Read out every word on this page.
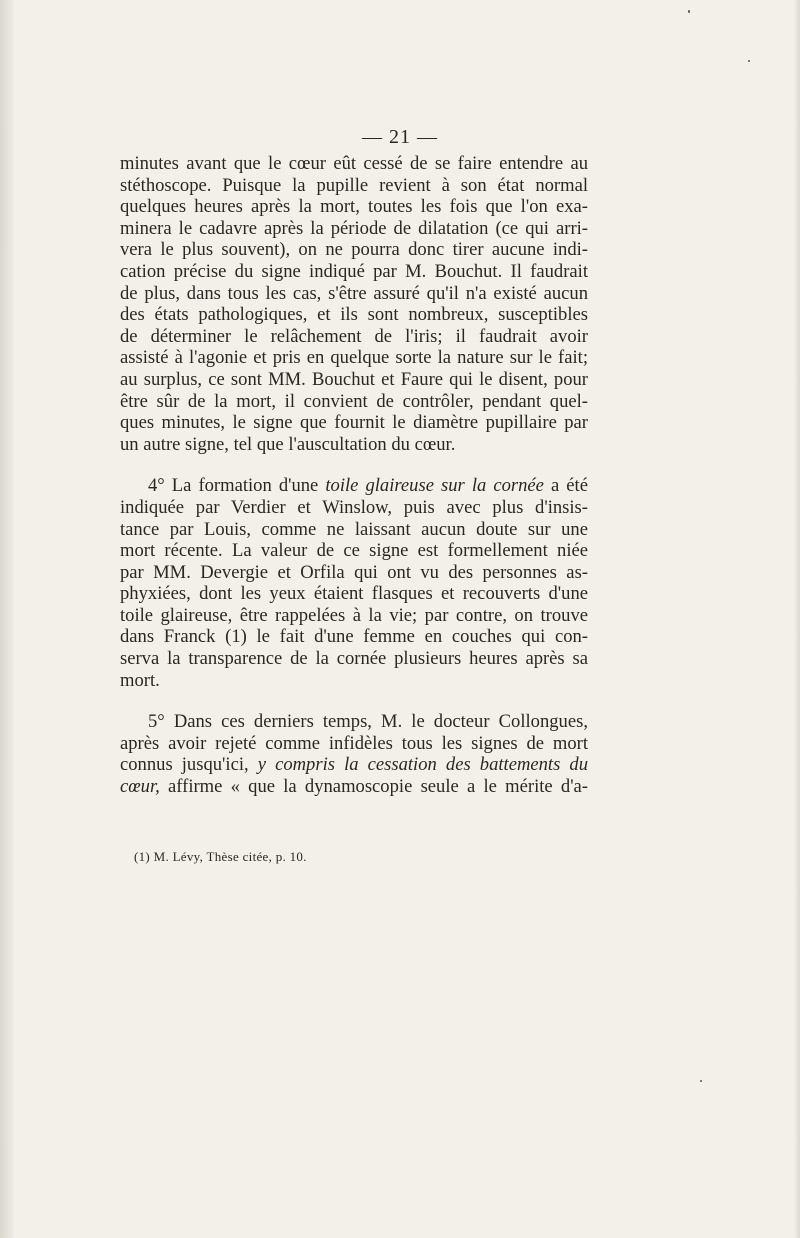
— 21 —
minutes avant que le cœur eût cessé de se faire entendre au
stéthoscope. Puisque la pupille revient à son état normal
quelques heures après la mort, toutes les fois que l'on exa-
minera le cadavre après la période de dilatation (ce qui arri-
vera le plus souvent), on ne pourra donc tirer aucune indi-
cation précise du signe indiqué par M. Bouchut. Il faudrait
de plus, dans tous les cas, s'être assuré qu'il n'a existé aucun
des états pathologiques, et ils sont nombreux, susceptibles
de déterminer le relâchement de l'iris; il faudrait avoir
assisté à l'agonie et pris en quelque sorte la nature sur le fait;
au surplus, ce sont MM. Bouchut et Faure qui le disent, pour
être sûr de la mort, il convient de contrôler, pendant quel-
ques minutes, le signe que fournit le diamètre pupillaire par
un autre signe, tel que l'auscultation du cœur.
4° La formation d'une toile glaireuse sur la cornée a été
indiquée par Verdier et Winslow, puis avec plus d'insis-
tance par Louis, comme ne laissant aucun doute sur une
mort récente. La valeur de ce signe est formellement niée
par MM. Devergie et Orfila qui ont vu des personnes as-
phyxiées, dont les yeux étaient flasques et recouverts d'une
toile glaireuse, être rappelées à la vie; par contre, on trouve
dans Franck (1) le fait d'une femme en couches qui con-
serva la transparence de la cornée plusieurs heures après sa
mort.
5° Dans ces derniers temps, M. le docteur Collongues,
après avoir rejeté comme infidèles tous les signes de mort
connus jusqu'ici, y compris la cessation des battements du
cœur, affirme « que la dynamoscopie seule a le mérite d'a-
(1) M. Lévy, Thèse citée, p. 10.
